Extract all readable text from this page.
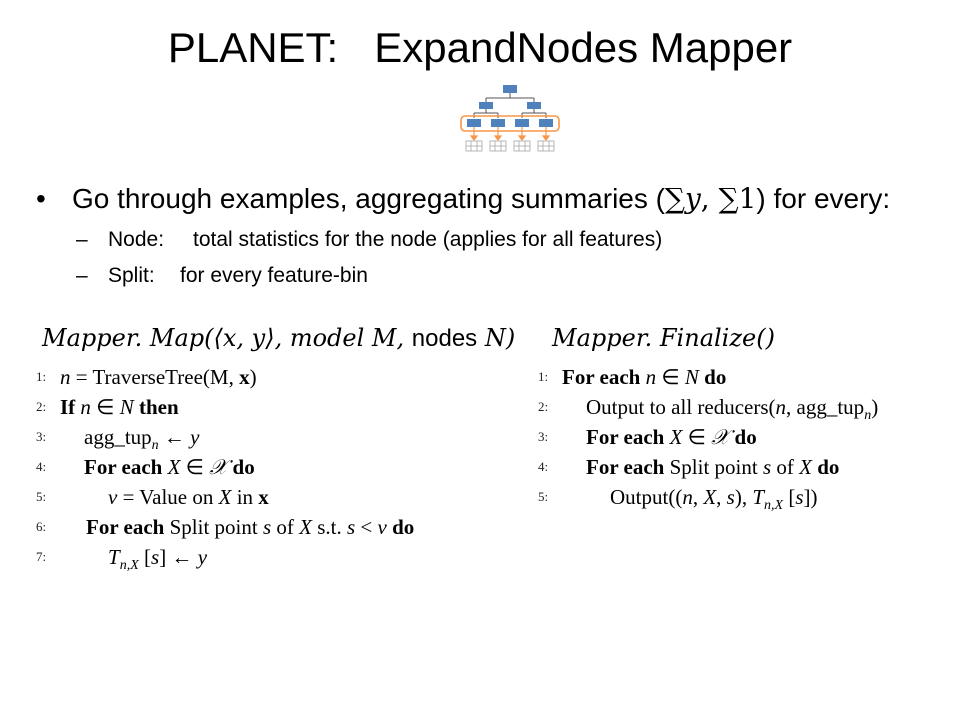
PLANET: ExpandNodes Mapper
• Go through examples, aggregating summaries (∑𝑦, ∑1) for every:
– Node: total statistics for the node (applies for all features)
– Split: for every feature-bin
Mapper. Map(⟨x, y⟩, model M, nodes N) Mapper. Finalize()
1: n = TraverseTree(M, x)
2: If n ∈ N then
3: agg_tup$_n$ ← y
4: For each X ∈ 𝒳 do
5:	v = Value on X in x
6: For each Split point s of X s.t. s < v do
7:	$T_{n,X}$ [s] ← y
1: For each n ∈ N do
2: Output to all reducers(n, agg_tup$_n$)
3: For each X ∈ 𝒳 do
4: For each Split point s of X do
5:	Output((n, X, s), $T_{n,X}$ [s])
